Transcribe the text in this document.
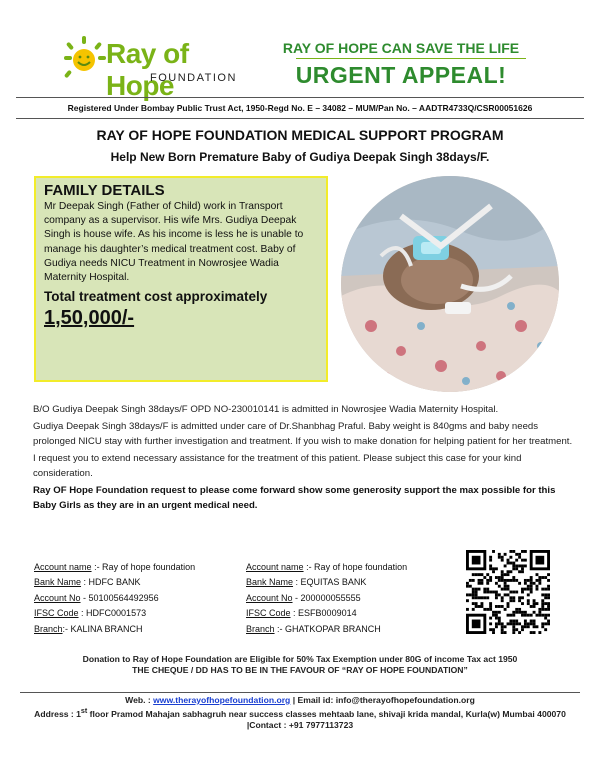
Ray of Hope
FOUNDATION
RAY OF HOPE CAN SAVE THE LIFE
URGENT APPEAL!
Registered Under Bombay Public Trust Act, 1950-Regd No. E – 34082 – MUM/Pan No. – AADTR4733Q/CSR00051626
RAY OF HOPE FOUNDATION MEDICAL SUPPORT PROGRAM
Help New Born Premature Baby of Gudiya Deepak Singh 38days/F.
FAMILY DETAILS

Mr Deepak Singh (Father of Child) work in Transport company as a supervisor. His wife Mrs. Gudiya Deepak Singh is house wife. As his income is less he is unable to manage his daughter’s medical treatment cost. Baby of Gudiya needs NICU Treatment in Nowrosjee Wadia Maternity Hospital.

Total treatment cost approximately
1,50,000/-

B/O Gudiya Deepak Singh 38days/F OPD NO-230010141 is admitted in Nowrosjee Wadia Maternity Hospital.

Gudiya Deepak Singh 38days/F is admitted under care of Dr.Shanbhag Praful. Baby weight is 840gms and baby needs prolonged NICU stay with further investigation and treatment. If you wish to make donation for helping patient for her treatment.

I request you to extend necessary assistance for the treatment of this patient. Please subject this case for your kind consideration.

Ray OF Hope Foundation request to please come forward show some generosity support the max possible for this Baby Girls as they are in an urgent medical need.

Account name :- Ray of hope foundation
Bank Name : HDFC BANK
Account No - 50100564492956
IFSC Code : HDFC0001573
Branch:- KALINA BRANCH
Account name :- Ray of hope foundation
Bank Name : EQUITAS BANK
Account No - 200000055555
IFSC Code : ESFB0009014
Branch :- GHATKOPAR BRANCH
Donation to Ray of Hope Foundation are Eligible for 50% Tax Exemption under 80G of income Tax act 1950
THE CHEQUE / DD HAS TO BE IN THE FAVOUR OF “RAY OF HOPE FOUNDATION”
Web. : www.therayofhopefoundation.org | Email id: info@therayofhopefoundation.org
Address : 1st floor Pramod Mahajan sabhagruh near success classes mehtaab lane, shivaji krida mandal, Kurla(w) Mumbai 400070
|Contact : +91 7977113723
